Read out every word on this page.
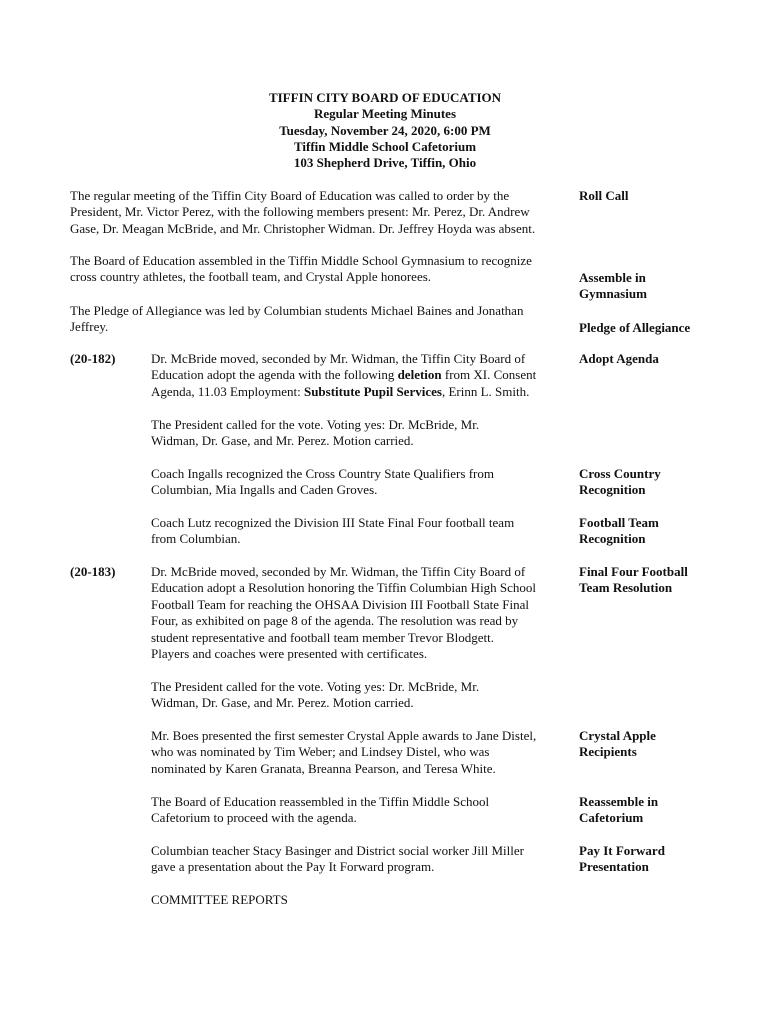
TIFFIN CITY BOARD OF EDUCATION
Regular Meeting Minutes
Tuesday, November 24, 2020, 6:00 PM
Tiffin Middle School Cafetorium
103 Shepherd Drive, Tiffin, Ohio
The regular meeting of the Tiffin City Board of Education was called to order by the
President, Mr. Victor Perez, with the following members present: Mr. Perez, Dr. Andrew
Gase, Dr. Meagan McBride, and Mr. Christopher Widman. Dr. Jeffrey Hoyda was absent.
The Board of Education assembled in the Tiffin Middle School Gymnasium to recognize
cross country athletes, the football team, and Crystal Apple honorees.
The Pledge of Allegiance was led by Columbian students Michael Baines and Jonathan
Jeffrey.
(20-182)	Dr. McBride moved, seconded by Mr. Widman, the Tiffin City Board of
Education adopt the agenda with the following deletion from XI. Consent
Agenda, 11.03 Employment: Substitute Pupil Services, Erinn L. Smith.
The President called for the vote. Voting yes: Dr. McBride, Mr.
Widman, Dr. Gase, and Mr. Perez. Motion carried.
Coach Ingalls recognized the Cross Country State Qualifiers from
Columbian, Mia Ingalls and Caden Groves.
Coach Lutz recognized the Division III State Final Four football team
from Columbian.
(20-183)	Dr. McBride moved, seconded by Mr. Widman, the Tiffin City Board of
Education adopt a Resolution honoring the Tiffin Columbian High School
Football Team for reaching the OHSAA Division III Football State Final
Four, as exhibited on page 8 of the agenda. The resolution was read by
student representative and football team member Trevor Blodgett.
Players and coaches were presented with certificates.
The President called for the vote. Voting yes: Dr. McBride, Mr.
Widman, Dr. Gase, and Mr. Perez. Motion carried.
Mr. Boes presented the first semester Crystal Apple awards to Jane Distel,
who was nominated by Tim Weber; and Lindsey Distel, who was
nominated by Karen Granata, Breanna Pearson, and Teresa White.
The Board of Education reassembled in the Tiffin Middle School
Cafetorium to proceed with the agenda.
Columbian teacher Stacy Basinger and District social worker Jill Miller
gave a presentation about the Pay It Forward program.
COMMITTEE REPORTS
Roll Call
Assemble in
Gymnasium
Pledge of Allegiance
Adopt Agenda
Cross Country
Recognition
Football Team
Recognition
Final Four Football
Team Resolution
Crystal Apple
Recipients
Reassemble in
Cafetorium
Pay It Forward
Presentation
